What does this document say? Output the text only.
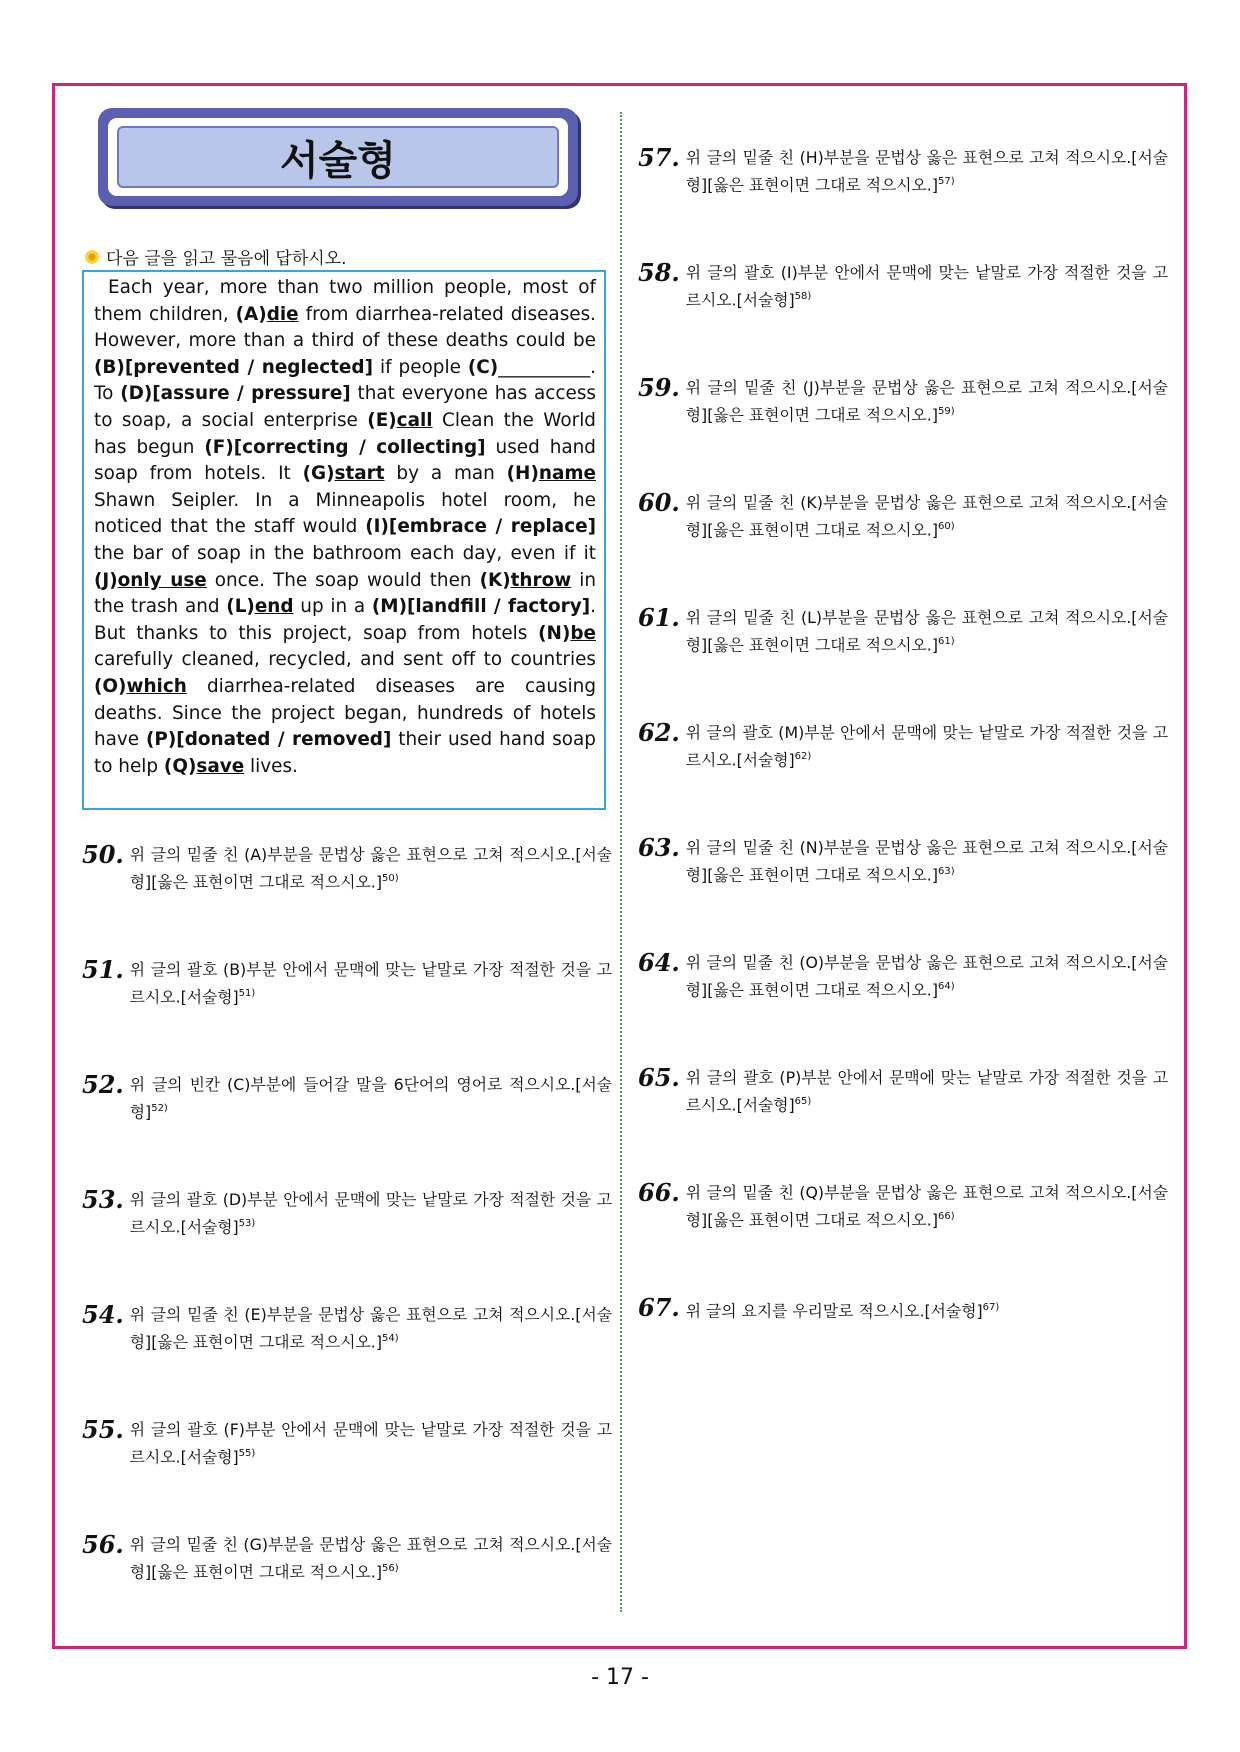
서술형
다음 글을 읽고 물음에 답하시오.

Each year, more than two million people, most of them children, (A)die from diarrhea-related diseases. However, more than a third of these deaths could be (B)[prevented / neglected] if people (C)__________. To (D)[assure / pressure] that everyone has access to soap, a social enterprise (E)call Clean the World has begun (F)[correcting / collecting] used hand soap from hotels. It (G)start by a man (H)name Shawn Seipler. In a Minneapolis hotel room, he noticed that the staff would (I)[embrace / replace] the bar of soap in the bathroom each day, even if it (J)only use once. The soap would then (K)throw in the trash and (L)end up in a (M)[landfill / factory]. But thanks to this project, soap from hotels (N)be carefully cleaned, recycled, and sent off to countries (O)which diarrhea-related diseases are causing deaths. Since the project began, hundreds of hotels have (P)[donated / removed] their used hand soap to help (Q)save lives.

50. 위 글의 밑줄 친 (A)부분을 문법상 옳은 표현으로 고쳐 적으시오.[서술형][옳은 표현이면 그대로 적으시오.]$^{50)}$
51. 위 글의 괄호 (B)부분 안에서 문맥에 맞는 낱말로 가장 적절한 것을 고르시오.[서술형]$^{51)}$
52. 위 글의 빈칸 (C)부분에 들어갈 말을 6단어의 영어로 적으시오.[서술형]$^{52)}$
53. 위 글의 괄호 (D)부분 안에서 문맥에 맞는 낱말로 가장 적절한 것을 고르시오.[서술형]$^{53)}$
54. 위 글의 밑줄 친 (E)부분을 문법상 옳은 표현으로 고쳐 적으시오.[서술형][옳은 표현이면 그대로 적으시오.]$^{54)}$
55. 위 글의 괄호 (F)부분 안에서 문맥에 맞는 낱말로 가장 적절한 것을 고르시오.[서술형]$^{55)}$
56. 위 글의 밑줄 친 (G)부분을 문법상 옳은 표현으로 고쳐 적으시오.[서술형][옳은 표현이면 그대로 적으시오.]$^{56)}$
57. 위 글의 밑줄 친 (H)부분을 문법상 옳은 표현으로 고쳐 적으시오.[서술형][옳은 표현이면 그대로 적으시오.]$^{57)}$
58. 위 글의 괄호 (I)부분 안에서 문맥에 맞는 낱말로 가장 적절한 것을 고르시오.[서술형]$^{58)}$
59. 위 글의 밑줄 친 (J)부분을 문법상 옳은 표현으로 고쳐 적으시오.[서술형][옳은 표현이면 그대로 적으시오.]$^{59)}$
60. 위 글의 밑줄 친 (K)부분을 문법상 옳은 표현으로 고쳐 적으시오.[서술형][옳은 표현이면 그대로 적으시오.]$^{60)}$
61. 위 글의 밑줄 친 (L)부분을 문법상 옳은 표현으로 고쳐 적으시오.[서술형][옳은 표현이면 그대로 적으시오.]$^{61)}$
62. 위 글의 괄호 (M)부분 안에서 문맥에 맞는 낱말로 가장 적절한 것을 고르시오.[서술형]$^{62)}$
63. 위 글의 밑줄 친 (N)부분을 문법상 옳은 표현으로 고쳐 적으시오.[서술형][옳은 표현이면 그대로 적으시오.]$^{63)}$
64. 위 글의 밑줄 친 (O)부분을 문법상 옳은 표현으로 고쳐 적으시오.[서술형][옳은 표현이면 그대로 적으시오.]$^{64)}$
65. 위 글의 괄호 (P)부분 안에서 문맥에 맞는 낱말로 가장 적절한 것을 고르시오.[서술형]$^{65)}$
66. 위 글의 밑줄 친 (Q)부분을 문법상 옳은 표현으로 고쳐 적으시오.[서술형][옳은 표현이면 그대로 적으시오.]$^{66)}$
67. 위 글의 요지를 우리말로 적으시오.[서술형]$^{67)}$
- 17 -
